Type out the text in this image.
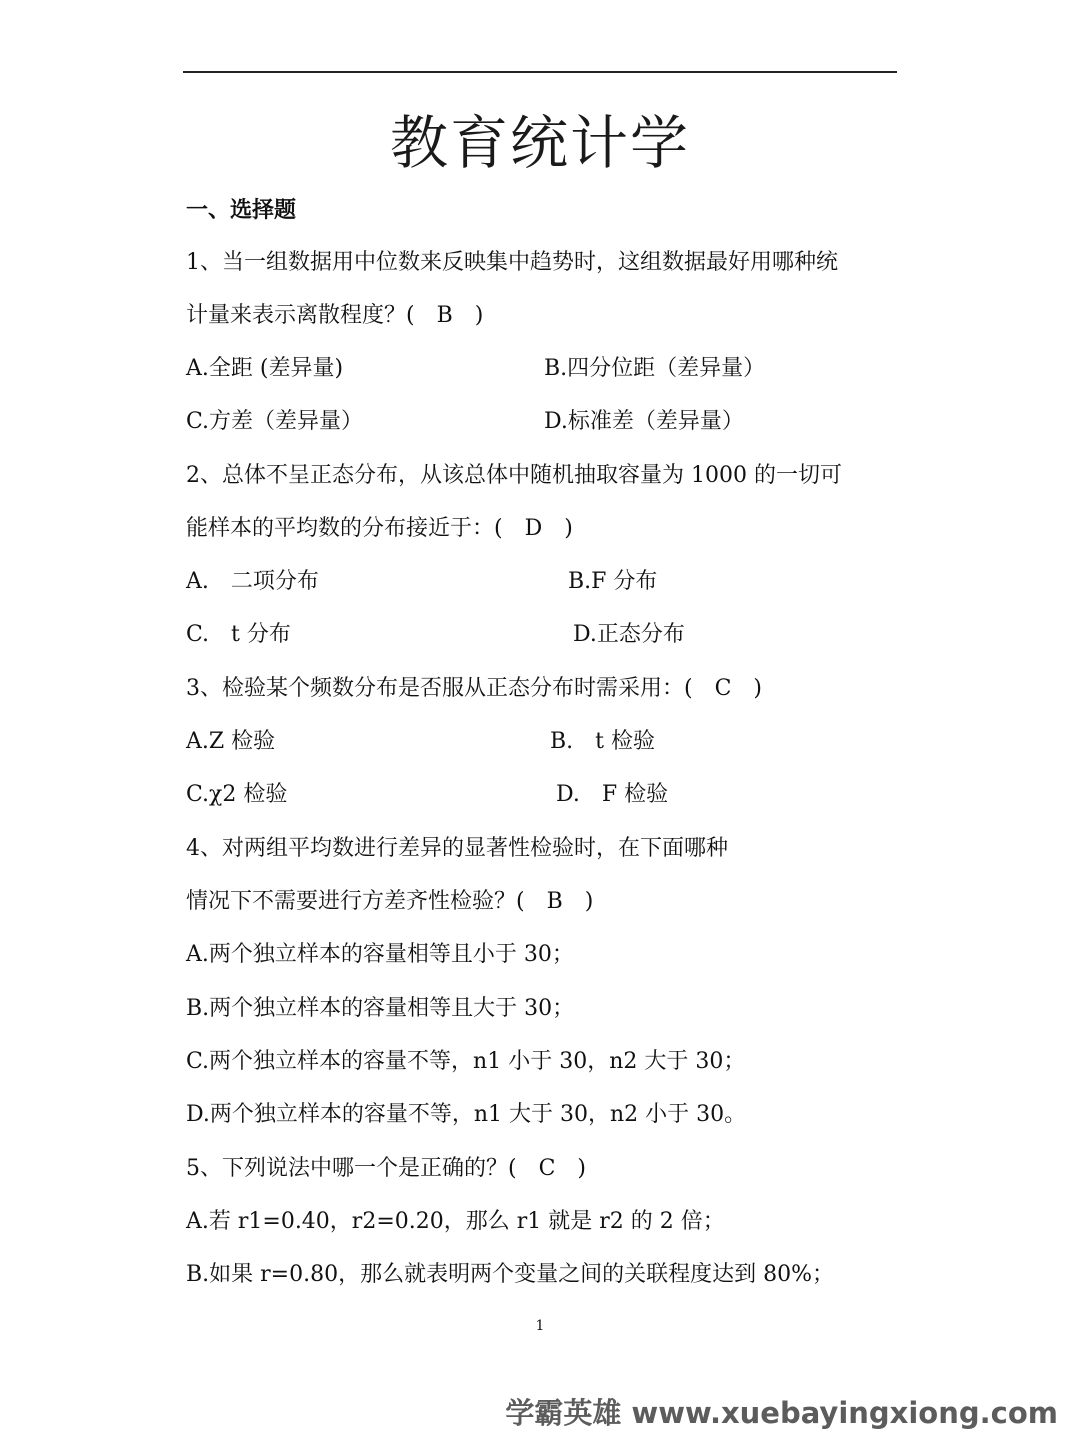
教育统计学
一、选择题
1、当一组数据用中位数来反映集中趋势时，这组数据最好用哪种统
计量来表示离散程度？(　B　)
A.全距 (差异量)	B.四分位距（差异量）
C.方差（差异量）	D.标准差（差异量）
2、总体不呈正态分布，从该总体中随机抽取容量为 1000 的一切可
能样本的平均数的分布接近于：(　D　)
A.　二项分布	B.F 分布
C.　t 分布	D.正态分布
3、检验某个频数分布是否服从正态分布时需采用：(　C　)
A.Z 检验	B.　t 检验
C.χ2 检验	D.　F 检验
4、对两组平均数进行差异的显著性检验时，在下面哪种
情况下不需要进行方差齐性检验？(　B　)
A.两个独立样本的容量相等且小于 30；
B.两个独立样本的容量相等且大于 30；
C.两个独立样本的容量不等，n1 小于 30，n2 大于 30；
D.两个独立样本的容量不等，n1 大于 30，n2 小于 30。
5、下列说法中哪一个是正确的？(　C　)
A.若 r1=0.40，r2=0.20，那么 r1 就是 r2 的 2 倍；
B.如果 r=0.80，那么就表明两个变量之间的关联程度达到 80%；
1
学霸英雄 www.xuebayingxiong.com
